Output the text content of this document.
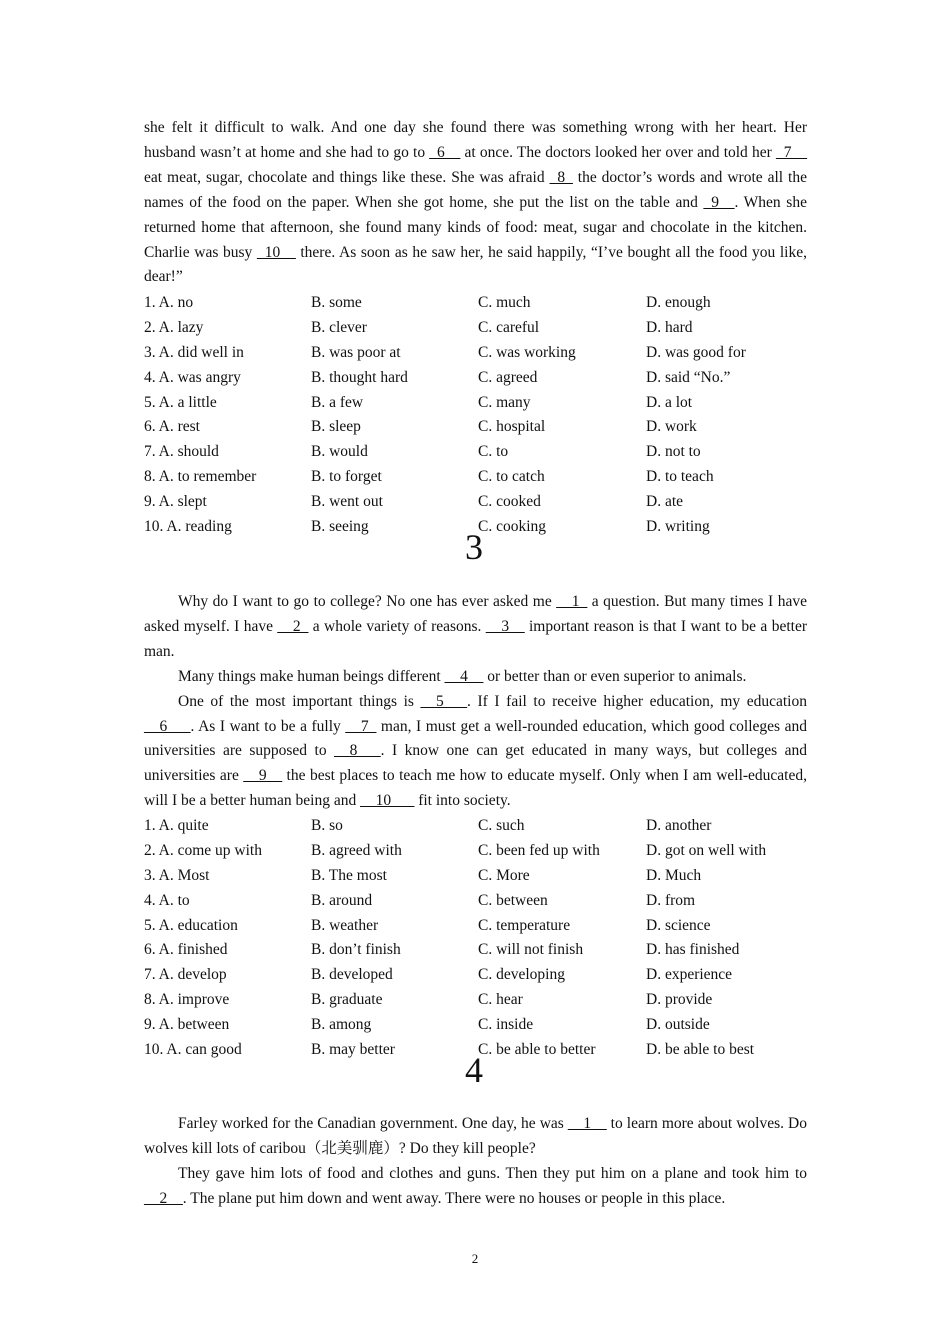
she felt it difficult to walk. And one day she found there was something wrong with her heart. Her husband wasn’t at home and she had to go to _6__ at once. The doctors looked her over and told her _7__ eat meat, sugar, chocolate and things like these. She was afraid _8_ the doctor’s words and wrote all the names of the food on the paper. When she got home, she put the list on the table and _9__. When she returned home that afternoon, she found many kinds of food: meat, sugar and chocolate in the kitchen. Charlie was busy _10__ there. As soon as he saw her, he said happily, “I’ve bought all the food you like, dear!”

1. A. no	B. some	C. much	D. enough
2. A. lazy	B. clever	C. careful	D. hard
3. A. did well in	B. was poor at	C. was working	D. was good for
4. A. was angry	B. thought hard	C. agreed	D. said “No.”
5. A. a little	B. a few	C. many	D. a lot
6. A. rest	B. sleep	C. hospital	D. work
7. A. should	B. would	C. to	D. not to
8. A. to remember	B. to forget	C. to catch	D. to teach
9. A. slept	B. went out	C. cooked	D. ate
10. A. reading	B. seeing	C. cooking	D. writing
3

Why do I want to go to college? No one has ever asked me __1_ a question. But many times I have asked myself. I have __2_ a whole variety of reasons. __3__ important reason is that I want to be a better man.

Many things make human beings different __4__ or better than or even superior to animals.

One of the most important things is __5___. If I fail to receive higher education, my education __6___. As I want to be a fully __7_ man, I must get a well-rounded education, which good colleges and universities are supposed to __8___. I know one can get educated in many ways, but colleges and universities are __9__ the best places to teach me how to educate myself. Only when I am well-educated, will I be a better human being and __10___ fit into society.

1. A. quite	B. so	C. such	D. another
2. A. come up with	B. agreed with	C. been fed up with	D. got on well with
3. A. Most	B. The most	C. More	D. Much
4. A. to	B. around	C. between	D. from
5. A. education	B. weather	C. temperature	D. science
6. A. finished	B. don’t finish	C. will not finish	D. has finished
7. A. develop	B. developed	C. developing	D. experience
8. A. improve	B. graduate	C. hear	D. provide
9. A. between	B. among	C. inside	D. outside
10. A. can good	B. may better	C. be able to better	D. be able to best
4

Farley worked for the Canadian government. One day, he was __1__ to learn more about wolves. Do wolves kill lots of caribou（北美驯鹿）? Do they kill people?

They gave him lots of food and clothes and guns. Then they put him on a plane and took him to __2__. The plane put him down and went away. There were no houses or people in this place.

2
